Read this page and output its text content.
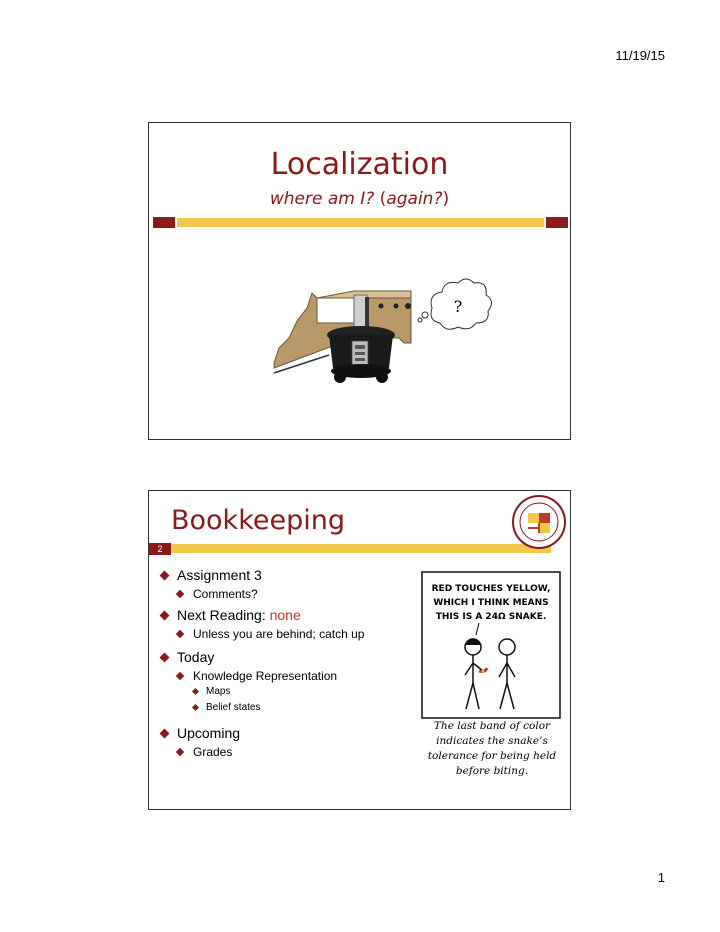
11/19/15
Localization
where am I? (again?)
?
Bookkeeping
2
Assignment 3
Comments?
Next Reading: none
Unless you are behind; catch up
Today
Knowledge Representation
Maps
Belief states
Upcoming
Grades
RED TOUCHES YELLOW,
WHICH I THINK MEANS
THIS IS A 24Ω SNAKE.
The last band of color indicates the snake’s tolerance for being held before biting.
1
